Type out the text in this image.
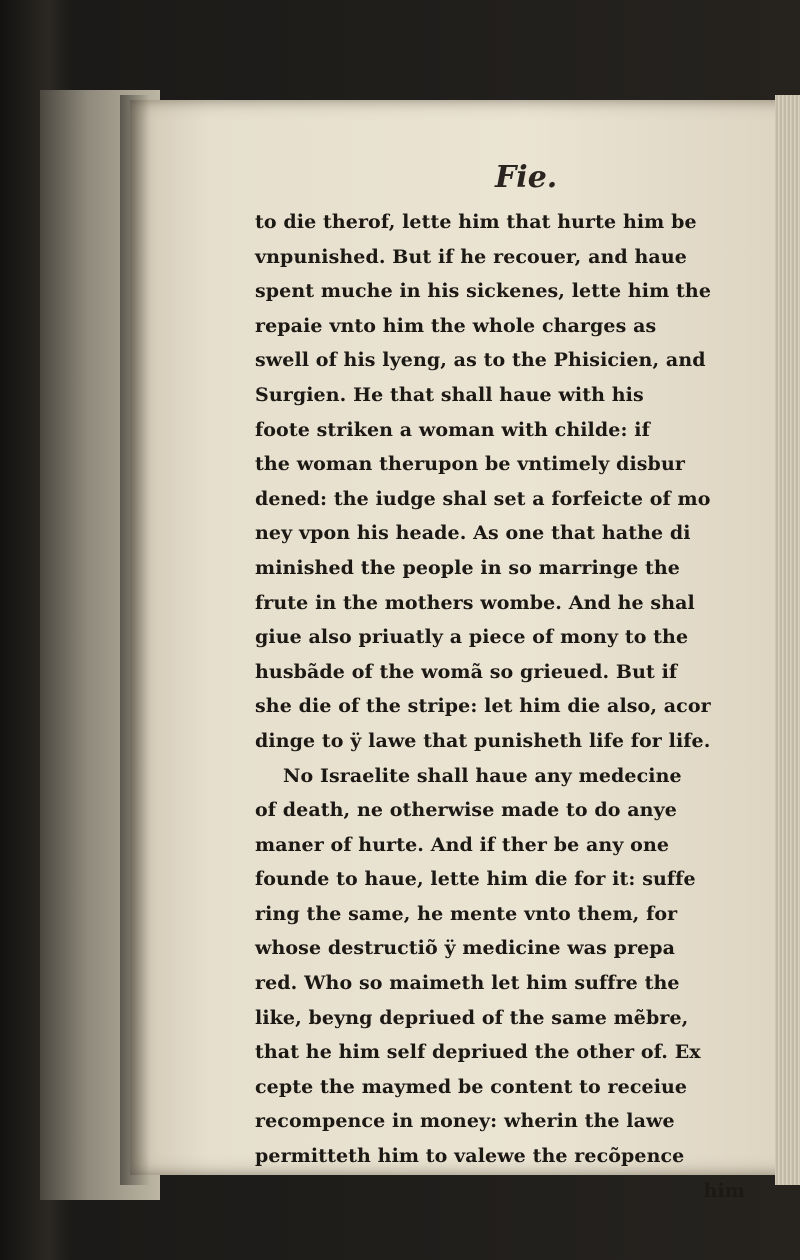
Fie.
to die therof, lette him that hurte him be
vnpunished. But if he recouer, and haue
spent muche in his sickenes, lette him the
repaie vnto him the whole charges as
swell of his lyeng, as to the Phisicien, and
Surgien. He that shall haue with his
foote striken a woman with childe: if
the woman therupon be vntimely disbur
dened: the iudge shal set a forfeicte of mo
ney vpon his heade. As one that hathe di
minished the people in so marringe the
frute in the mothers wombe. And he shal
giue also priuatly a piece of mony to the
husbãde of the womã so grieued. But if
she die of the stripe: let him die also, acor
dinge to ÿ lawe that punisheth life for life.
No Israelite shall haue any medecine
of death, ne otherwise made to do anye
maner of hurte. And if ther be any one
founde to haue, lette him die for it: suffe
ring the same, he mente vnto them, for
whose destructiõ ÿ medicine was prepa
red. Who so maimeth let him suffre the
like, beyng depriued of the same mẽbre,
that he him self depriued the other of. Ex
cepte the maymed be content to receiue
recompence in money: wherin the lawe
permitteth him to valewe the recõpence
him
